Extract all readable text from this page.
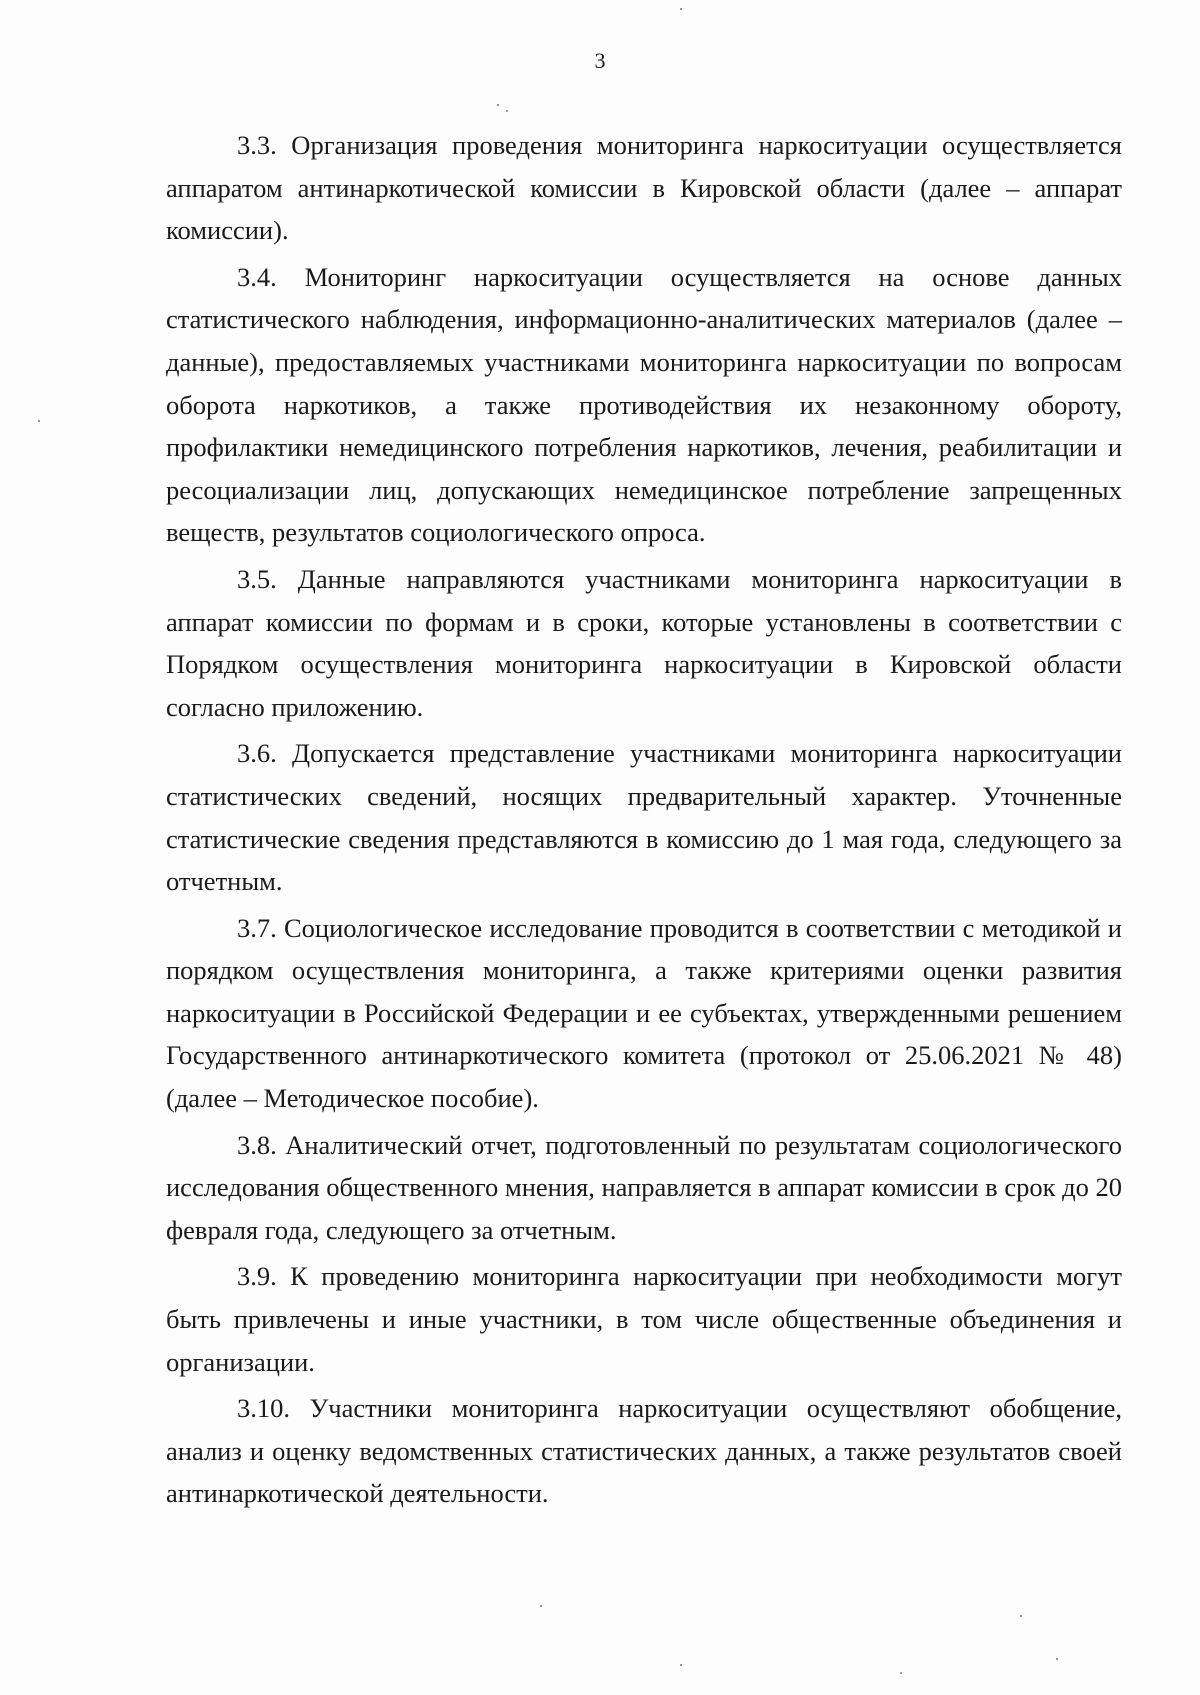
3

3.3. Организация проведения мониторинга наркоситуации осуществляется аппаратом антинаркотической комиссии в Кировской области (далее – аппарат комиссии).

3.4. Мониторинг наркоситуации осуществляется на основе данных статистического наблюдения, информационно-аналитических материалов (далее – данные), предоставляемых участниками мониторинга наркоситуации по вопросам оборота наркотиков, а также противодействия их незаконному обороту, профилактики немедицинского потребления наркотиков, лечения, реабилитации и ресоциализации лиц, допускающих немедицинское потребление запрещенных веществ, результатов социологического опроса.

3.5. Данные направляются участниками мониторинга наркоситуации в аппарат комиссии по формам и в сроки, которые установлены в соответствии с Порядком осуществления мониторинга наркоситуации в Кировской области согласно приложению.

3.6. Допускается представление участниками мониторинга наркоситуации статистических сведений, носящих предварительный характер. Уточненные статистические сведения представляются в комиссию до 1 мая года, следующего за отчетным.

3.7. Социологическое исследование проводится в соответствии с методикой и порядком осуществления мониторинга, а также критериями оценки развития наркоситуации в Российской Федерации и ее субъектах, утвержденными решением Государственного антинаркотического комитета (протокол от 25.06.2021 № 48) (далее – Методическое пособие).

3.8. Аналитический отчет, подготовленный по результатам социологического исследования общественного мнения, направляется в аппарат комиссии в срок до 20 февраля года, следующего за отчетным.

3.9. К проведению мониторинга наркоситуации при необходимости могут быть привлечены и иные участники, в том числе общественные объединения и организации.

3.10. Участники мониторинга наркоситуации осуществляют обобщение, анализ и оценку ведомственных статистических данных, а также результатов своей антинаркотической деятельности.
